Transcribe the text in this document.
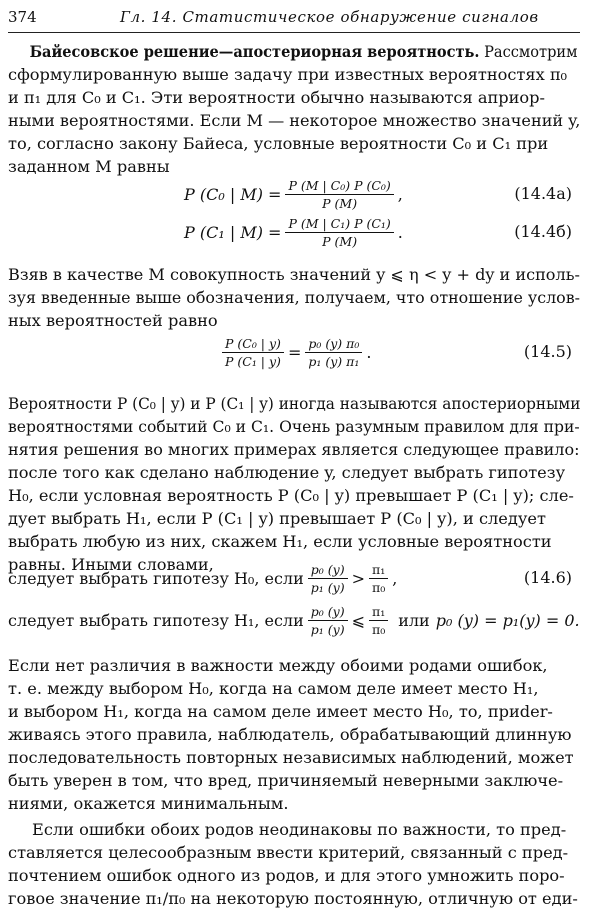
374	Гл. 14. Статистическое обнаружение сигналов

Байесовское решение—апостериорная вероятность. Рассмотрим
сформулированную выше задачу при известных вероятностях π₀
и π₁ для C₀ и C₁. Эти вероятности обычно называются априор-
ными вероятностями. Если M — некоторое множество значений y,
то, согласно закону Байеса, условные вероятности C₀ и C₁ при
заданном M равны

P (C₀ | $M) = \frac{\text{P (M | C₀) P (C₀)}}{P (M)}$ ,	(14.4а)
P (C₁ | $M) = \frac{\text{P (M | C₁) P (C₁)}}{P (M)}$ .	(14.4б)

Взяв в качестве M совокупность значений y ⩽ η < y + dy и исполь-
зуя введенные выше обозначения, получаем, что отношение услов-
ных вероятностей равно

$\frac{\text{P (C₀ | y)}}{\text{P (C₁ | y)}} = \frac{\text{p₀ (y) π₀}}{\text{p₁ (y) π₁}}$ .	(14.5)

Вероятности P (C₀ | y) и P (C₁ | y) иногда называются апостериорными
вероятностями событий C₀ и C₁. Очень разумным правилом для при-
нятия решения во многих примерах является следующее правило:
после того как сделано наблюдение y, следует выбрать гипотезу
H₀, если условная вероятность P (C₀ | y) превышает P (C₁ | y); сле-
дует выбрать H₁, если P (C₁ | y) превышает P (C₀ | y), и следует
выбрать любую из них, скажем H₁, если условные вероятности
равны. Иными словами,

следует выбрать гипотезу H₀, если $\frac{\text{p₀ (y)}}{\text{p₁ (y)}} > \frac{\text{π₁}}{\text{π₀}}$ ,	(14.6)
следует выбрать гипотезу H₁, если $\frac{\text{p₀ (y)}}{\text{p₁ (y)}}$ ⩽ $\frac{\text{π₁}}{\text{π₀}}$ или p₀ (y) = p₁(y) = 0.

Если нет различия в важности между обоими родами ошибок,
т. е. между выбором H₀, когда на самом деле имеет место H₁,
и выбором H₁, когда на самом деле имеет место H₀, то, приder-
живаясь этого правила, наблюдатель, обрабатывающий длинную
последовательность повторных независимых наблюдений, может
быть уверен в том, что вред, причиняемый неверными заключе-
ниями, окажется минимальным.

Если ошибки обоих родов неодинаковы по важности, то пред-
ставляется целесообразным ввести критерий, связанный с пред-
почтением ошибок одного из родов, и для этого умножить поро-
говое значение π₁/π₀ на некоторую постоянную, отличную от еди-
